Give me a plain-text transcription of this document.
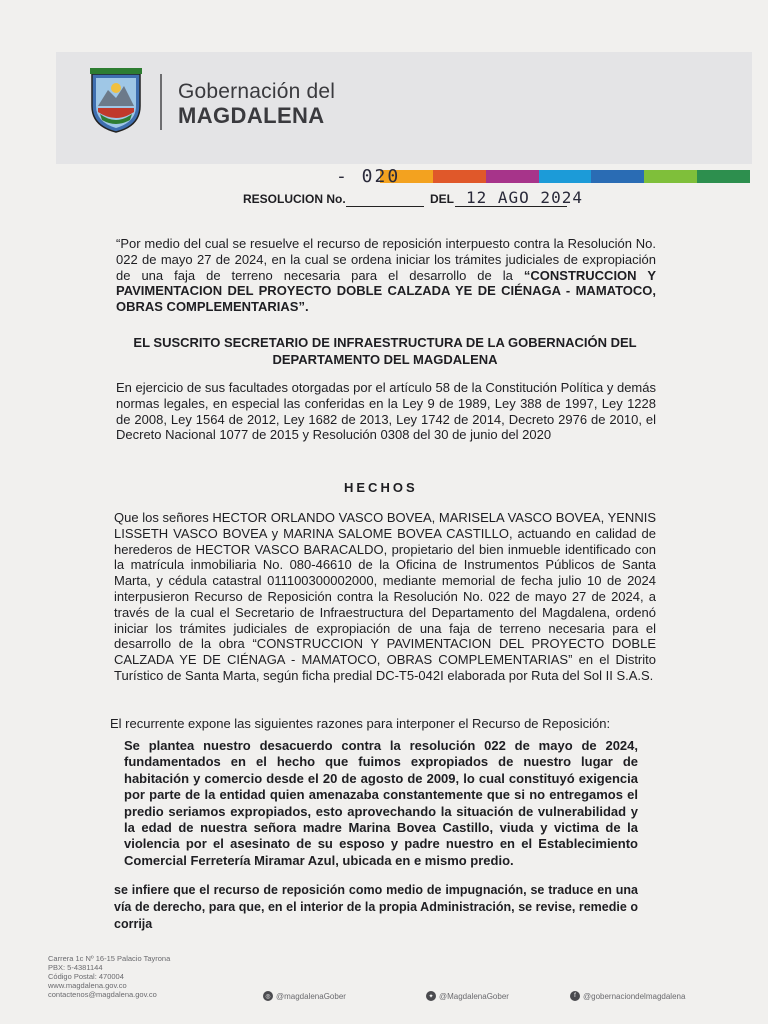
Gobernación del
MAGDALENA
- 020
RESOLUCION No.	DEL 12 AGO 2024
“Por medio del cual se resuelve el recurso de reposición interpuesto contra la Resolución No. 022 de mayo 27 de 2024, en la cual se ordena iniciar los trámites judiciales de expropiación de una faja de terreno necesaria para el desarrollo de la “CONSTRUCCION Y PAVIMENTACION DEL PROYECTO DOBLE CALZADA YE DE CIÉNAGA - MAMATOCO, OBRAS COMPLEMENTARIAS”.
EL SUSCRITO SECRETARIO DE INFRAESTRUCTURA DE LA GOBERNACIÓN DEL DEPARTAMENTO DEL MAGDALENA
En ejercicio de sus facultades otorgadas por el artículo 58 de la Constitución Política y demás normas legales, en especial las conferidas en la Ley 9 de 1989, Ley 388 de 1997, Ley 1228 de 2008, Ley 1564 de 2012, Ley 1682 de 2013, Ley 1742 de 2014, Decreto 2976 de 2010, el Decreto Nacional 1077 de 2015 y Resolución 0308 del 30 de junio del 2020
HECHOS
Que los señores HECTOR ORLANDO VASCO BOVEA, MARISELA VASCO BOVEA, YENNIS LISSETH VASCO BOVEA y MARINA SALOME BOVEA CASTILLO, actuando en calidad de herederos de HECTOR VASCO BARACALDO, propietario del bien inmueble identificado con la matrícula inmobiliaria No. 080-46610 de la Oficina de Instrumentos Públicos de Santa Marta, y cédula catastral 011100300002000, mediante memorial de fecha julio 10 de 2024 interpusieron Recurso de Reposición contra la Resolución No. 022 de mayo 27 de 2024, a través de la cual el Secretario de Infraestructura del Departamento del Magdalena, ordenó iniciar los trámites judiciales de expropiación de una faja de terreno necesaria para el desarrollo de la obra “CONSTRUCCION Y PAVIMENTACION DEL PROYECTO DOBLE CALZADA YE DE CIÉNAGA - MAMATOCO, OBRAS COMPLEMENTARIAS” en el Distrito Turístico de Santa Marta, según ficha predial DC-T5-042I elaborada por Ruta del Sol II S.A.S.
El recurrente expone las siguientes razones para interponer el Recurso de Reposición:
Se plantea nuestro desacuerdo contra la resolución 022 de mayo de 2024, fundamentados en el hecho que fuimos expropiados de nuestro lugar de habitación y comercio desde el 20 de agosto de 2009, lo cual constituyó exigencia por parte de la entidad quien amenazaba constantemente que si no entregamos el predio seriamos expropiados, esto aprovechando la situación de vulnerabilidad y la edad de nuestra señora madre Marina Bovea Castillo, viuda y victima de la violencia por el asesinato de su esposo y padre nuestro en el Establecimiento Comercial Ferretería Miramar Azul, ubicada en e mismo predio.
se infiere que el recurso de reposición como medio de impugnación, se traduce en una vía de derecho, para que, en el interior de la propia Administración, se revise, remedie o corrija
Carrera 1c Nº 16-15 Palacio Tayrona
PBX: 5-4381144
Código Postal: 470004
www.magdalena.gov.co
contactenos@magdalena.gov.co	◎ @magdalenaGober	✦ @MagdalenaGober	f @gobernaciondelmagdalena
